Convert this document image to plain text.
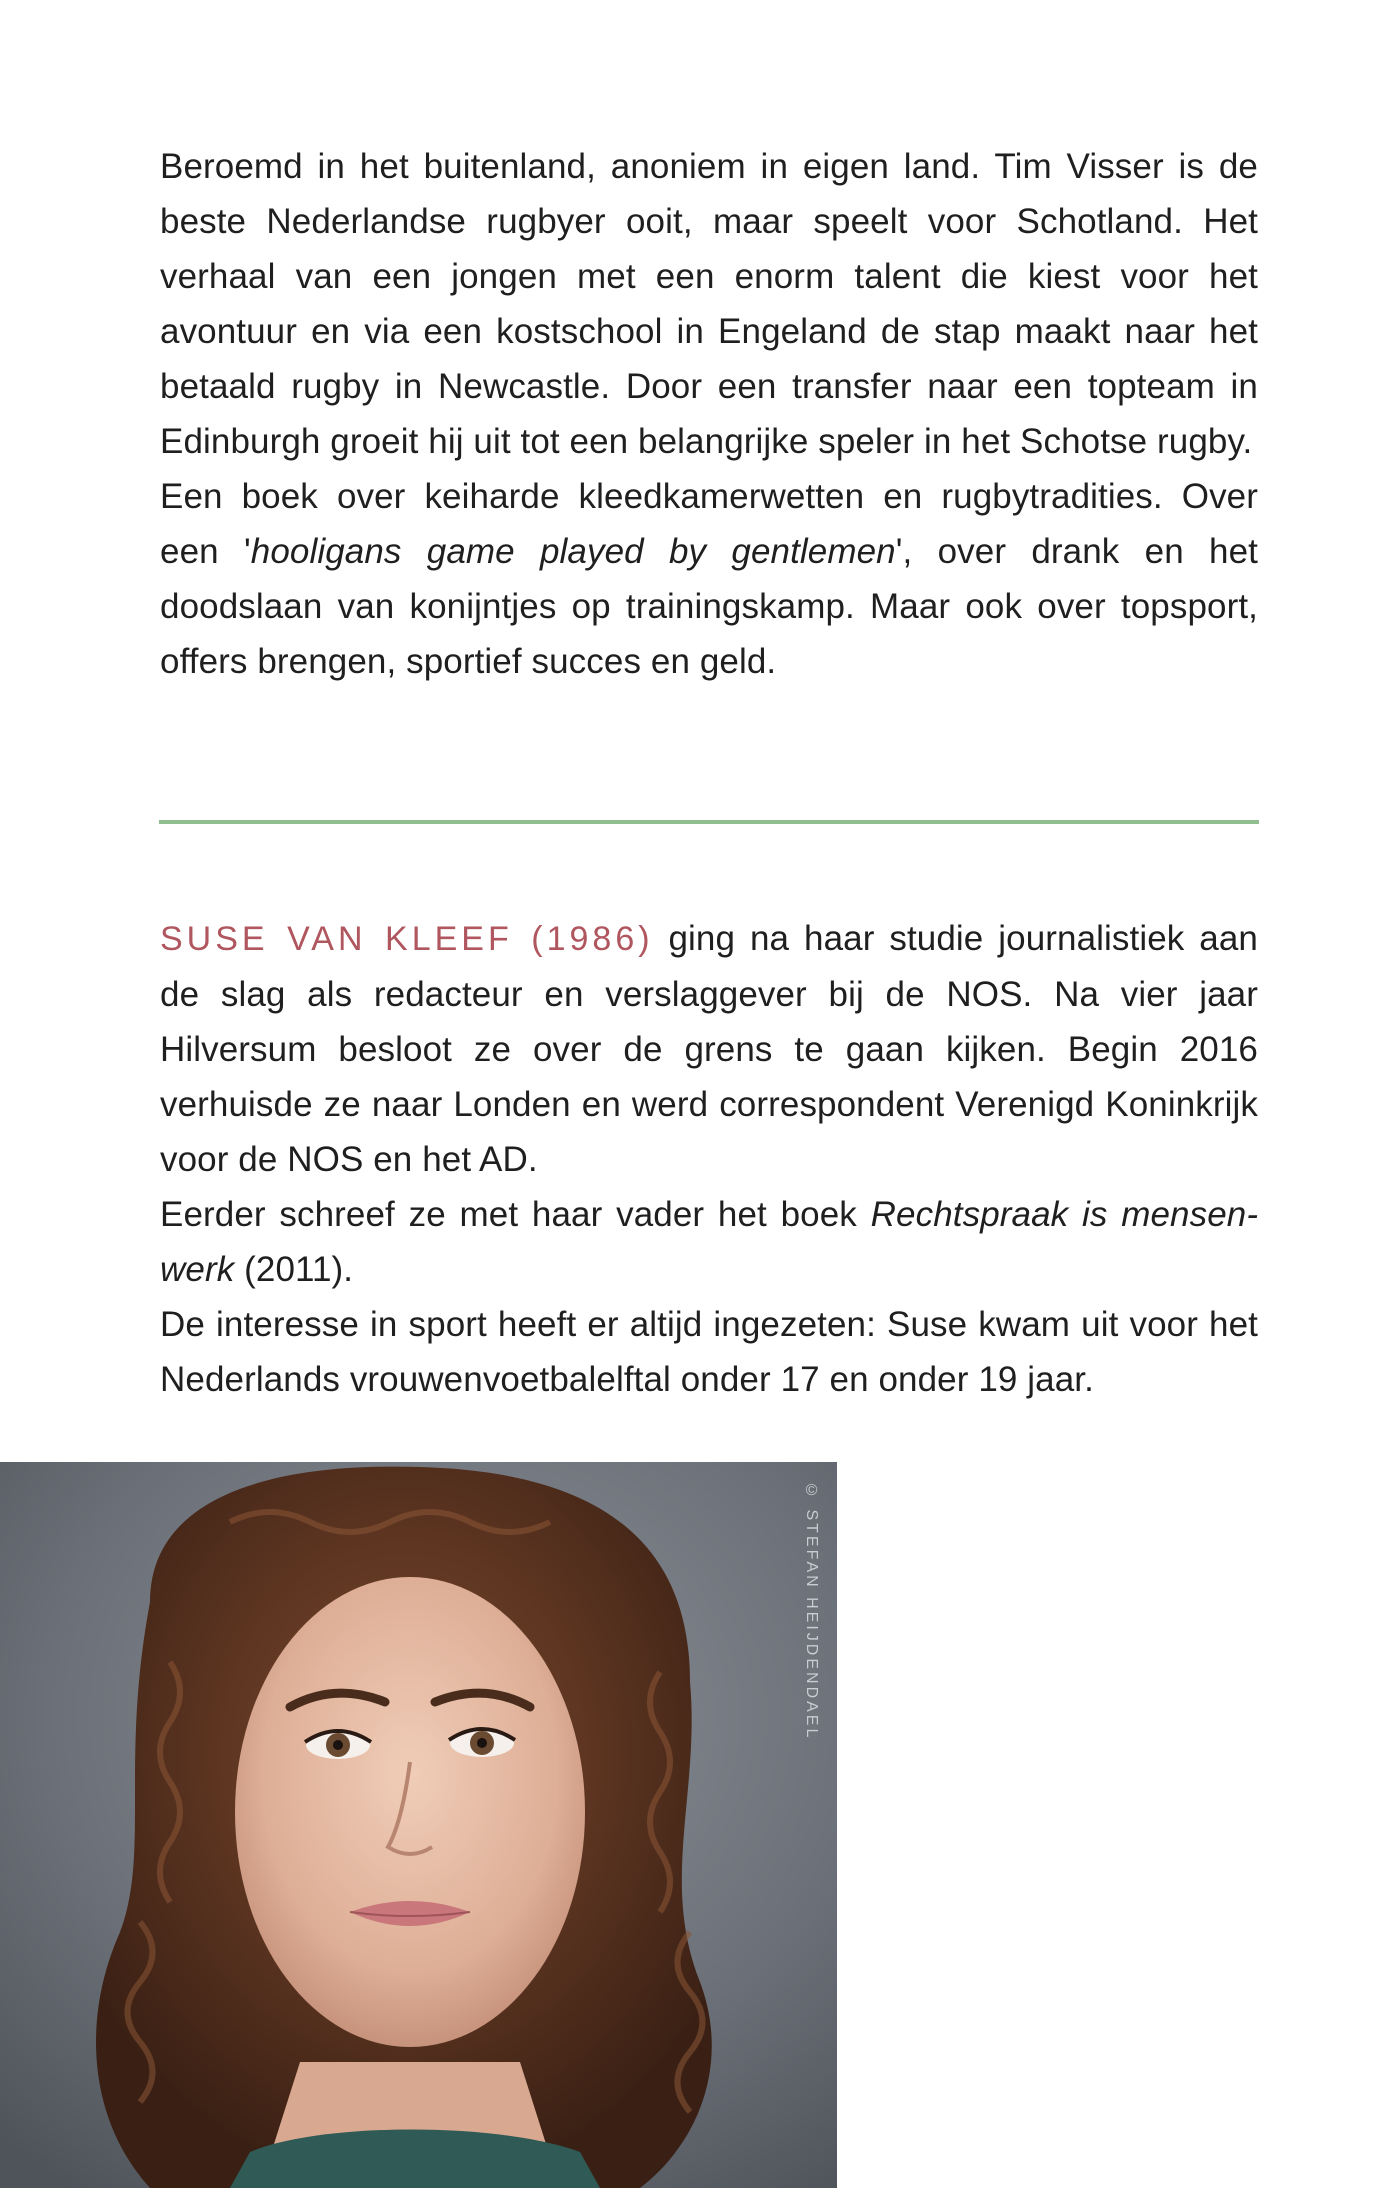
Beroemd in het buitenland, anoniem in eigen land. Tim Visser is de beste Nederlandse rugbyer ooit, maar speelt voor Schotland. Het verhaal van een jongen met een enorm talent die kiest voor het avontuur en via een kostschool in Engeland de stap maakt naar het betaald rugby in Newcastle. Door een transfer naar een topteam in Edinburgh groeit hij uit tot een belangrijke speler in het Schotse rugby.

Een boek over keiharde kleedkamerwetten en rugbytradities. Over een 'hooligans game played by gentlemen', over drank en het doodslaan van konijntjes op trainingskamp. Maar ook over topsport, offers brengen, sportief succes en geld.

SUSE VAN KLEEF (1986) ging na haar studie journalistiek aan de slag als redacteur en verslaggever bij de NOS. Na vier jaar Hilversum besloot ze over de grens te gaan kijken. Begin 2016 verhuisde ze naar Londen en werd correspondent Verenigd Koninkrijk voor de NOS en het AD.

Eerder schreef ze met haar vader het boek Rechtspraak is mensenwerk (2011).

De interesse in sport heeft er altijd ingezeten: Suse kwam uit voor het Nederlands vrouwenvoetbalelftal onder 17 en onder 19 jaar.

© STEFAN HEIJDENDAEL
